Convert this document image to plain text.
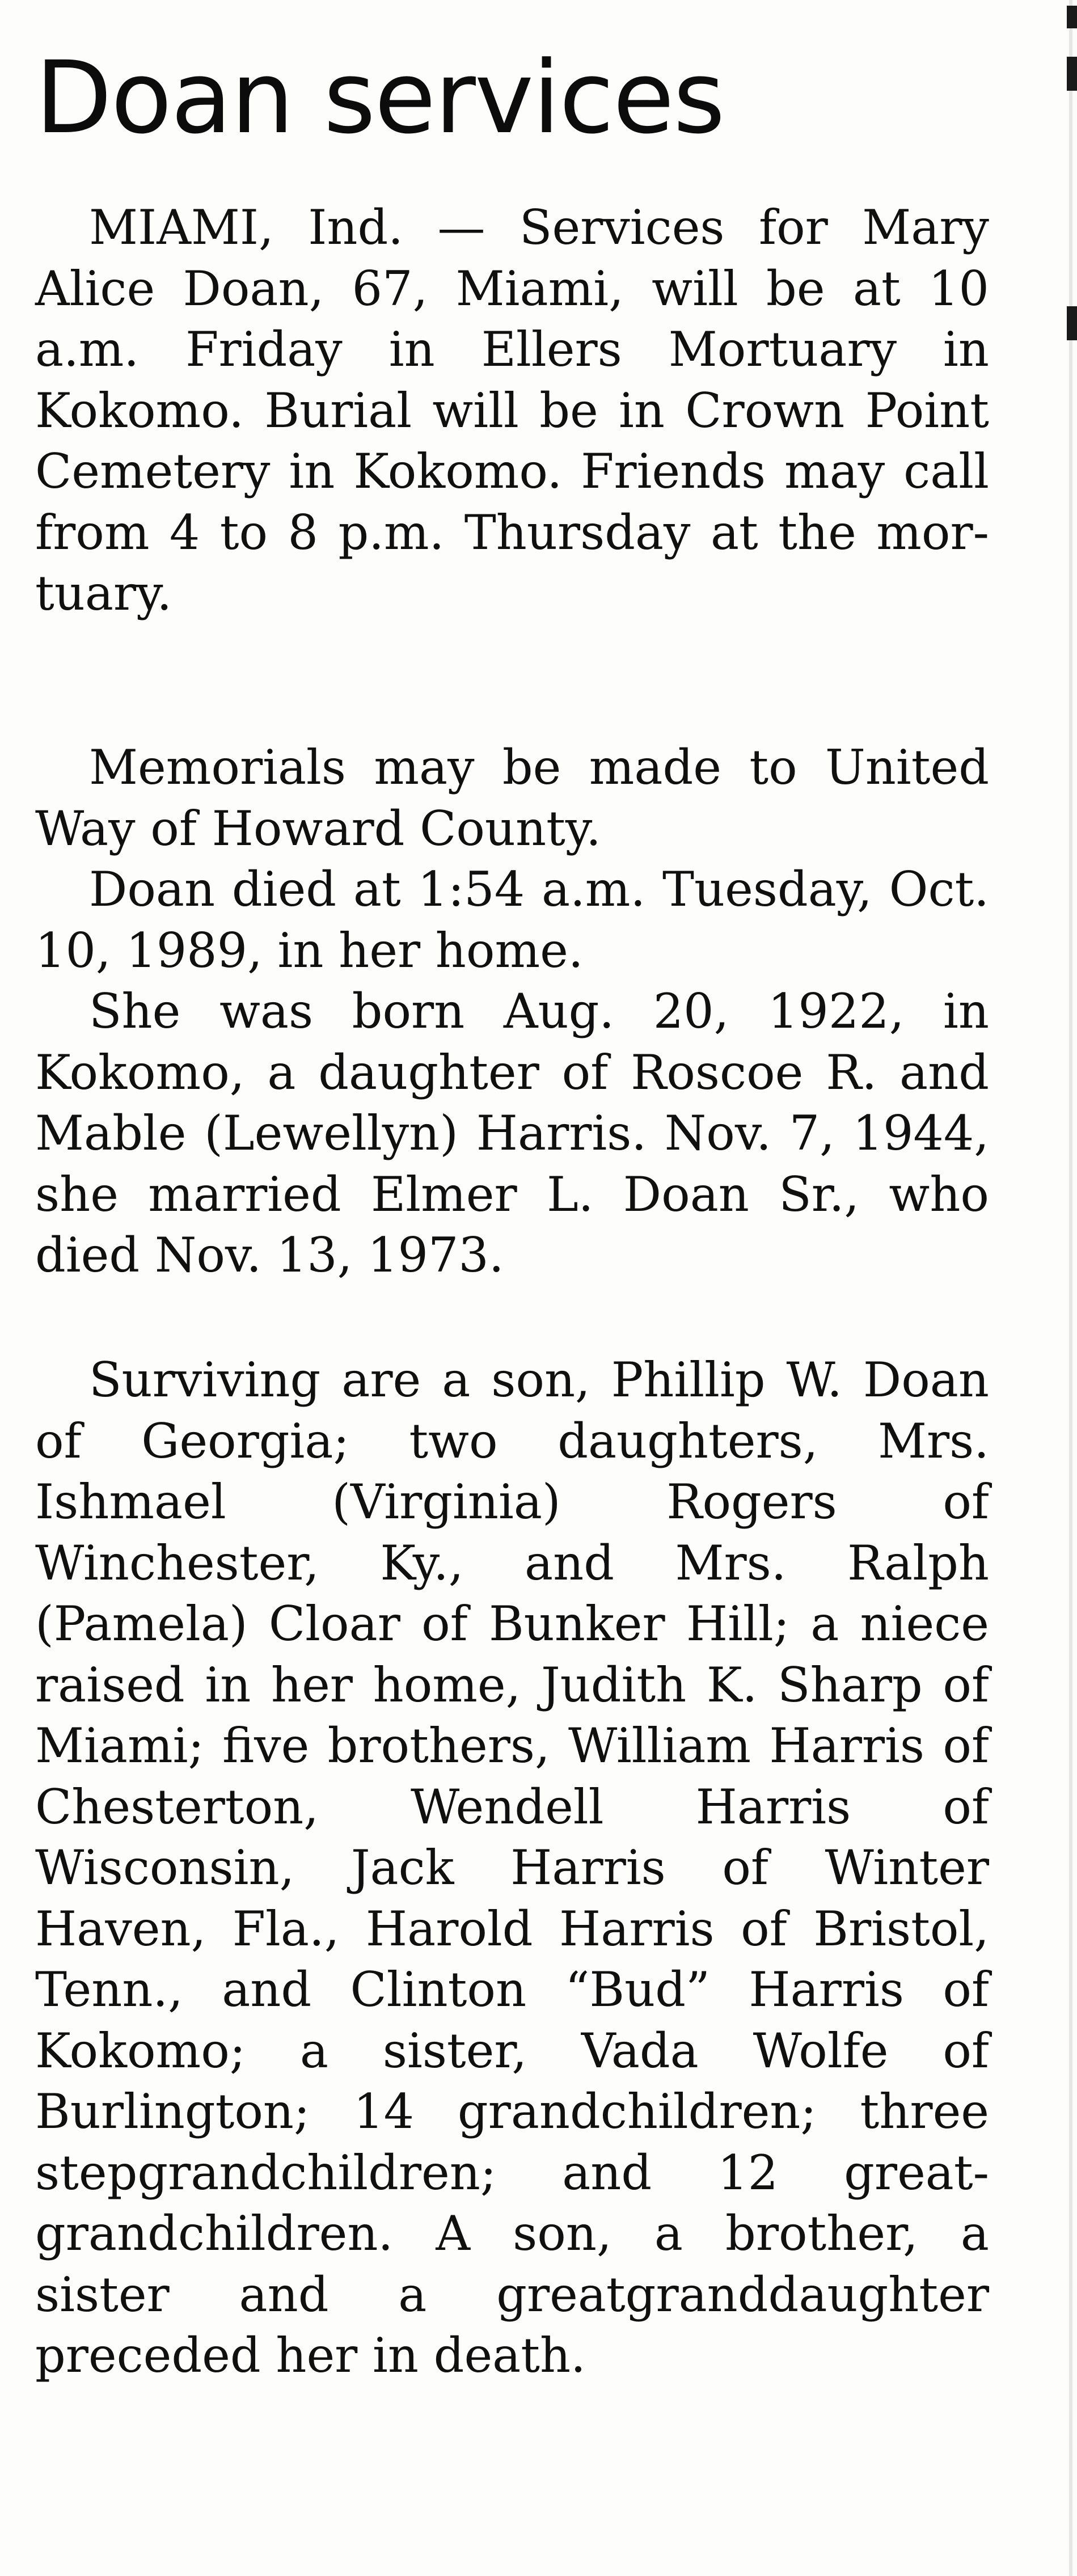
Doan services

MIAMI, Ind. — Services for Mary Alice Doan, 67, Miami, will be at 10 a.m. Friday in Ellers Mortuary in Kokomo. Burial will be in Crown Point Cemetery in Kokomo. Friends may call from 4 to 8 p.m. Thursday at the mortuary.

Memorials may be made to United Way of Howard County.

Doan died at 1:54 a.m. Tuesday, Oct. 10, 1989, in her home.

She was born Aug. 20, 1922, in Kokomo, a daughter of Roscoe R. and Mable (Lewellyn) Harris. Nov. 7, 1944, she married Elmer L. Doan Sr., who died Nov. 13, 1973.

Surviving are a son, Phillip W. Doan of Georgia; two daughters, Mrs. Ishmael (Virginia) Rogers of Winchester, Ky., and Mrs. Ralph (Pamela) Cloar of Bunker Hill; a niece raised in her home, Judith K. Sharp of Miami; five brothers, William Harris of Chesterton, Wendell Harris of Wisconsin, Jack Harris of Winter Haven, Fla., Harold Harris of Bristol, Tenn., and Clinton “Bud” Harris of Kokomo; a sister, Vada Wolfe of Burlington; 14 grandchildren; three stepgrandchildren; and 12 great-grandchildren. A son, a brother, a sister and a greatgranddaughter preceded her in death.
